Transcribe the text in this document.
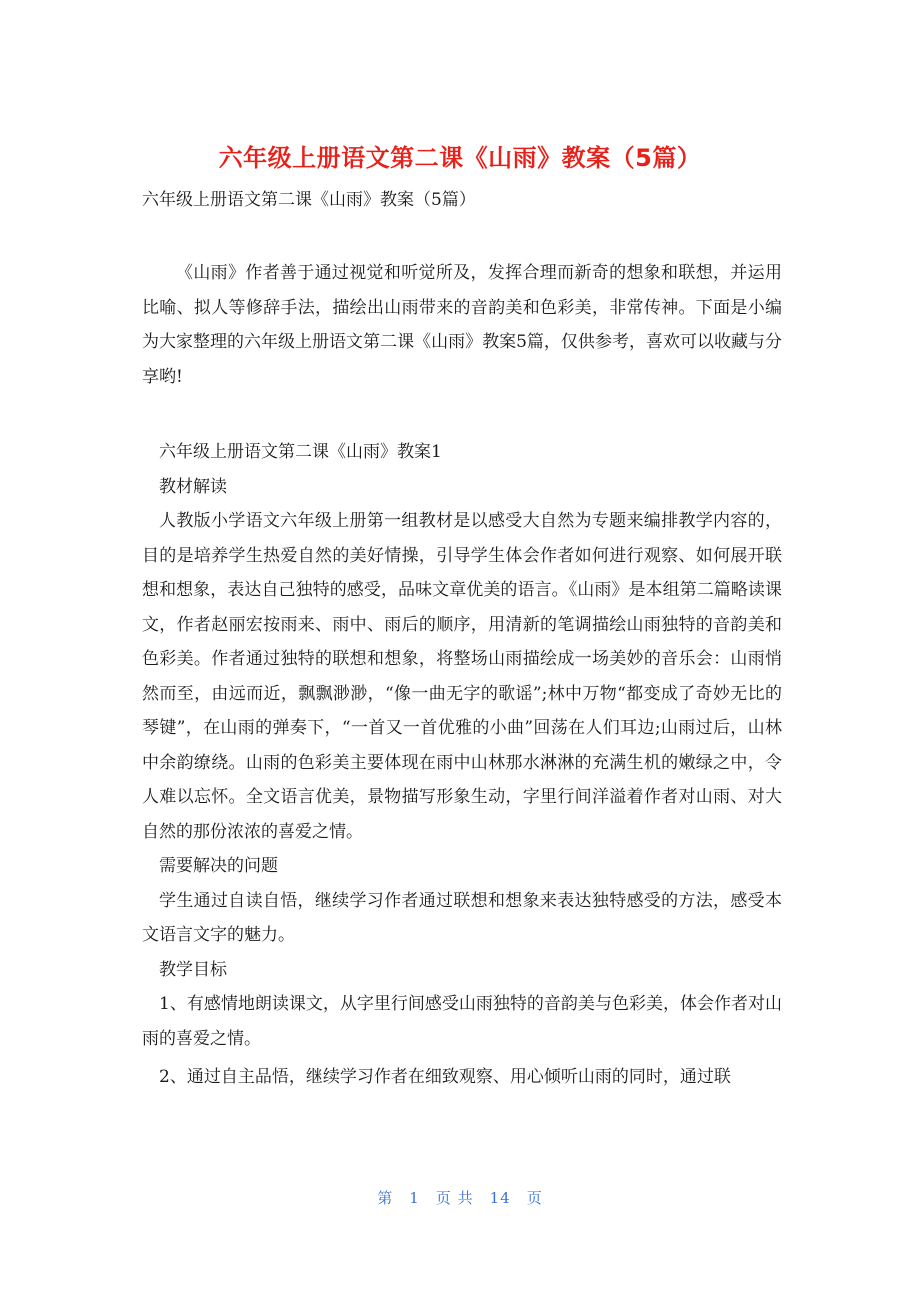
六年级上册语文第二课《山雨》教案（5篇）
六年级上册语文第二课《山雨》教案（5篇）
《山雨》作者善于通过视觉和听觉所及，发挥合理而新奇的想象和联想，并运用比喻、拟人等修辞手法，描绘出山雨带来的音韵美和色彩美，非常传神。下面是小编为大家整理的六年级上册语文第二课《山雨》教案5篇，仅供参考，喜欢可以收藏与分享哟!

六年级上册语文第二课《山雨》教案1

教材解读

人教版小学语文六年级上册第一组教材是以感受大自然为专题来编排教学内容的，目的是培养学生热爱自然的美好情操，引导学生体会作者如何进行观察、如何展开联想和想象，表达自己独特的感受，品味文章优美的语言。《山雨》是本组第二篇略读课文，作者赵丽宏按雨来、雨中、雨后的顺序，用清新的笔调描绘山雨独特的音韵美和色彩美。作者通过独特的联想和想象，将整场山雨描绘成一场美妙的音乐会：山雨悄然而至，由远而近，飘飘渺渺，“像一曲无字的歌谣”;林中万物“都变成了奇妙无比的琴键”，在山雨的弹奏下，“一首又一首优雅的小曲”回荡在人们耳边;山雨过后，山林中余韵缭绕。山雨的色彩美主要体现在雨中山林那水淋淋的充满生机的嫩绿之中，令人难以忘怀。全文语言优美，景物描写形象生动，字里行间洋溢着作者对山雨、对大自然的那份浓浓的喜爱之情。

需要解决的问题

学生通过自读自悟，继续学习作者通过联想和想象来表达独特感受的方法，感受本文语言文字的魅力。

教学目标

1、有感情地朗读课文，从字里行间感受山雨独特的音韵美与色彩美，体会作者对山雨的喜爱之情。

2、通过自主品悟，继续学习作者在细致观察、用心倾听山雨的同时，通过联

第 1 页 共 14 页
